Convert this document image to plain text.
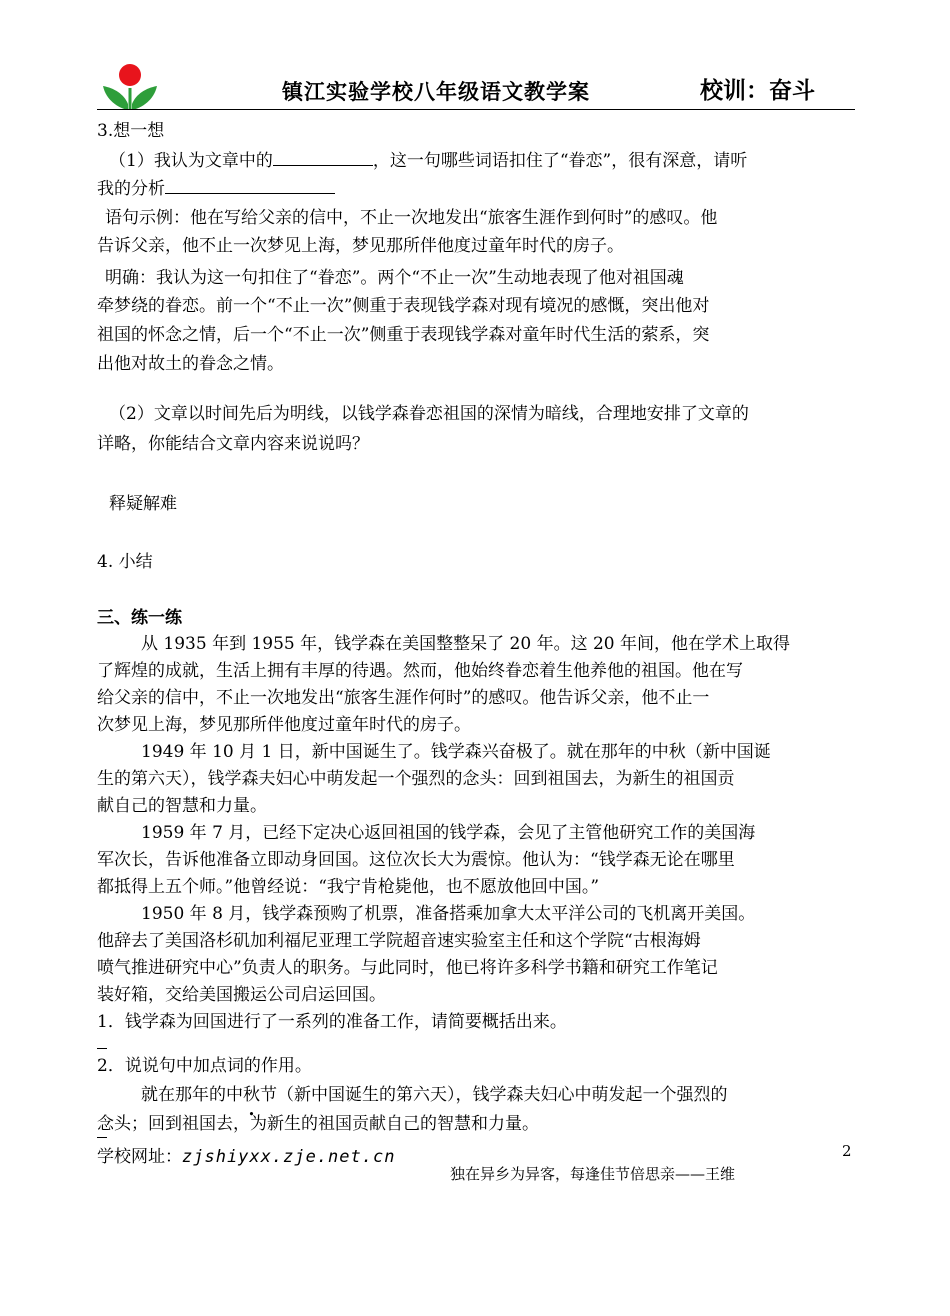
镇江实验学校八年级语文教学案	校训：奋斗
3.想一想
（1）我认为文章中的	，这一句哪些词语扣住了“眷恋”，很有深意，请听
我的分析
语句示例：他在写给父亲的信中，不止一次地发出“旅客生涯作到何时”的感叹。他
告诉父亲，他不止一次梦见上海，梦见那所伴他度过童年时代的房子。
明确：我认为这一句扣住了“眷恋”。两个“不止一次”生动地表现了他对祖国魂
牵梦绕的眷恋。前一个“不止一次”侧重于表现钱学森对现有境况的感慨，突出他对
祖国的怀念之情，后一个“不止一次”侧重于表现钱学森对童年时代生活的萦系，突
出他对故土的眷念之情。
（2）文章以时间先后为明线，以钱学森眷恋祖国的深情为暗线，合理地安排了文章的
详略，你能结合文章内容来说说吗？
释疑解难
4. 小结
三、练一练
从 1935 年到 1955 年，钱学森在美国整整呆了 20 年。这 20 年间，他在学术上取得
了辉煌的成就，生活上拥有丰厚的待遇。然而，他始终眷恋着生他养他的祖国。他在写
给父亲的信中，不止一次地发出“旅客生涯作何时”的感叹。他告诉父亲，他不止一
次梦见上海，梦见那所伴他度过童年时代的房子。
1949 年 10 月 1 日，新中国诞生了。钱学森兴奋极了。就在那年的中秋（新中国诞
生的第六天），钱学森夫妇心中萌发起一个强烈的念头：回到祖国去，为新生的祖国贡
献自己的智慧和力量。
1959 年 7 月，已经下定决心返回祖国的钱学森，会见了主管他研究工作的美国海
军次长，告诉他准备立即动身回国。这位次长大为震惊。他认为：“钱学森无论在哪里
都抵得上五个师。”他曾经说：“我宁肯枪毙他，也不愿放他回中国。”
1950 年 8 月，钱学森预购了机票，准备搭乘加拿大太平洋公司的飞机离开美国。
他辞去了美国洛杉矶加利福尼亚理工学院超音速实验室主任和这个学院“古根海姆
喷气推进研究中心”负责人的职务。与此同时，他已将许多科学书籍和研究工作笔记
装好箱，交给美国搬运公司启运回国。
1．钱学森为回国进行了一系列的准备工作，请简要概括出来。
2．说说句中加点词的作用。
就在那年的中秋节（新中国诞生的第六天），钱学森夫妇心中萌发起一个强烈的
念头；回到祖国去，为新生的祖国贡献自己的智慧和力量。
学校网址：zjshiyxx.zje.net.cn	2
独在异乡为异客，每逢佳节倍思亲——王维
